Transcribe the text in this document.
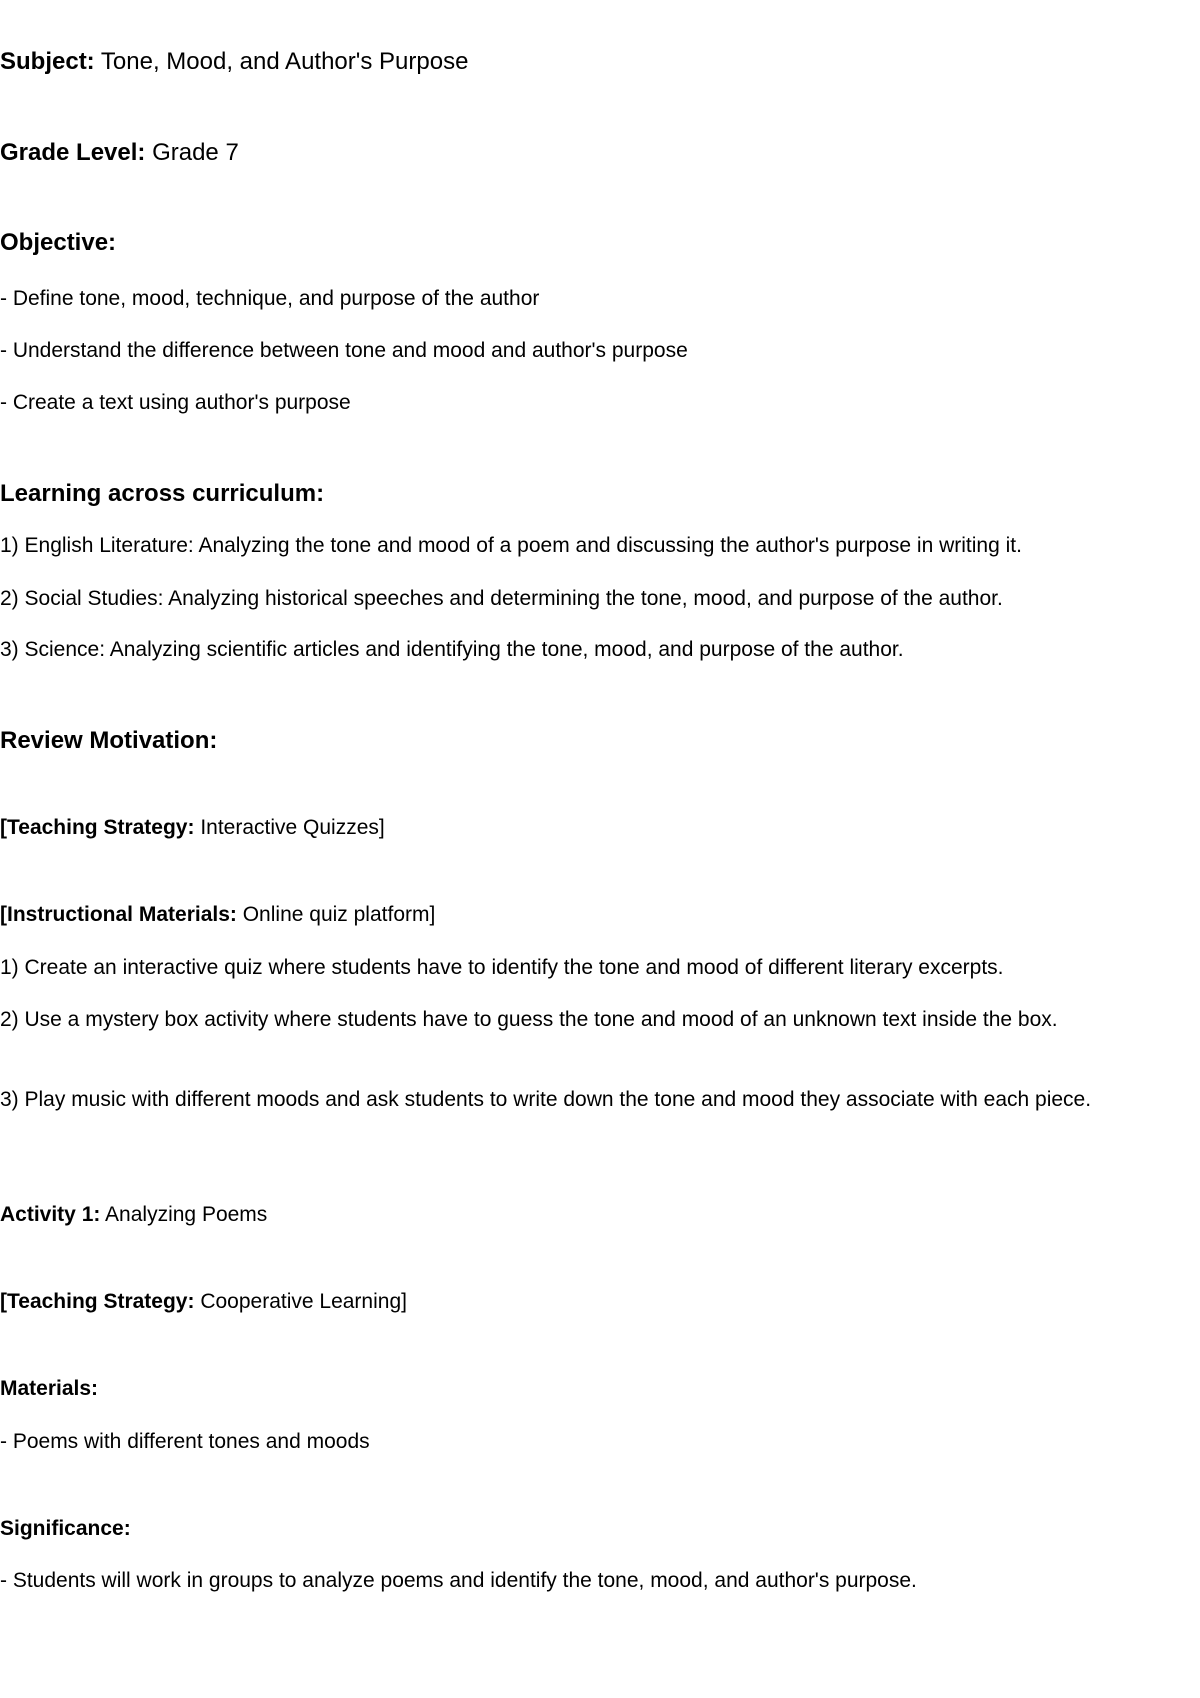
Subject: Tone, Mood, and Author's Purpose

Grade Level: Grade 7

Objective:

- Define tone, mood, technique, and purpose of the author

- Understand the difference between tone and mood and author's purpose

- Create a text using author's purpose

Learning across curriculum:

1) English Literature: Analyzing the tone and mood of a poem and discussing the author's purpose in writing it.

2) Social Studies: Analyzing historical speeches and determining the tone, mood, and purpose of the author.

3) Science: Analyzing scientific articles and identifying the tone, mood, and purpose of the author.

Review Motivation:

[Teaching Strategy: Interactive Quizzes]

[Instructional Materials: Online quiz platform]

1) Create an interactive quiz where students have to identify the tone and mood of different literary excerpts.

2) Use a mystery box activity where students have to guess the tone and mood of an unknown text inside the box.

3) Play music with different moods and ask students to write down the tone and mood they associate with each piece.

Activity 1: Analyzing Poems

[Teaching Strategy: Cooperative Learning]

Materials:

- Poems with different tones and moods

Significance:

- Students will work in groups to analyze poems and identify the tone, mood, and author's purpose.
